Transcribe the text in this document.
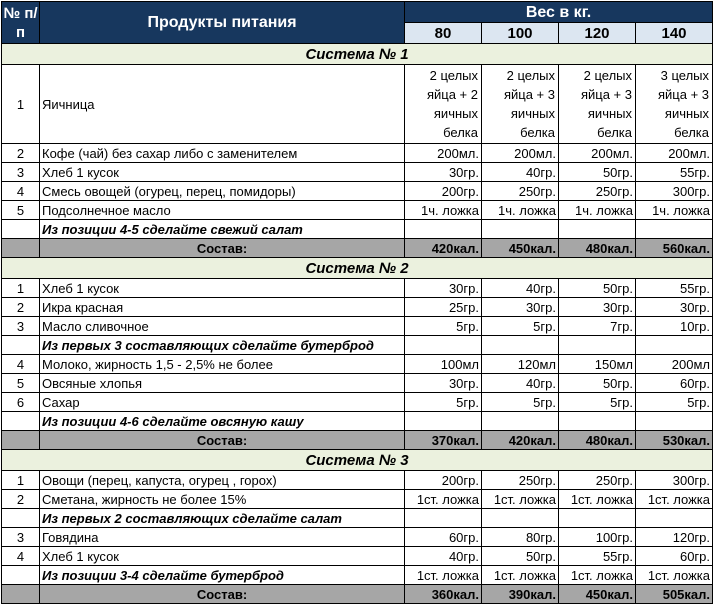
№ п/п	Продукты питания	Вес в кг.			
		80	100	120	140
Система № 1					
1	Яичница	2 целых яйца + 2 яичных белка	2 целых яйца + 3 яичных белка	2 целых яйца + 3 яичных белка	3 целых яйца + 3 яичных белка
2	Кофе (чай) без сахар либо с заменителем	200мл.	200мл.	200мл.	200мл.
3	Хлеб 1 кусок	30гр.	40гр.	50гр.	55гр.
4	Смесь овощей (огурец, перец, помидоры)	200гр.	250гр.	250гр.	300гр.
5	Подсолнечное масло	1ч. ложка	1ч. ложка	1ч. ложка	1ч. ложка
	Из позиции 4-5 сделайте свежий салат				
	Состав:	420кал.	450кал.	480кал.	560кал.
Система № 2					
1	Хлеб 1 кусок	30гр.	40гр.	50гр.	55гр.
2	Икра красная	25гр.	30гр.	30гр.	30гр.
3	Масло сливочное	5гр.	5гр.	7гр.	10гр.
	Из первых 3 составляющих сделайте бутерброд				
4	Молоко, жирность 1,5 - 2,5% не более	100мл	120мл	150мл	200мл
5	Овсяные хлопья	30гр.	40гр.	50гр.	60гр.
6	Сахар	5гр.	5гр.	5гр.	5гр.
	Из позиции 4-6 сделайте овсяную кашу				
	Состав:	370кал.	420кал.	480кал.	530кал.
Система № 3					
1	Овощи (перец, капуста, огурец , горох)	200гр.	250гр.	250гр.	300гр.
2	Сметана, жирность не более 15%	1ст. ложка	1ст. ложка	1ст. ложка	1ст. ложка
	Из первых 2 составляющих сделайте салат				
3	Говядина	60гр.	80гр.	100гр.	120гр.
4	Хлеб 1 кусок	40гр.	50гр.	55гр.	60гр.
	Из позиции 3-4 сделайте бутерброд	1ст. ложка	1ст. ложка	1ст. ложка	1ст. ложка
	Состав:	360кал.	390кал.	450кал.	505кал.
